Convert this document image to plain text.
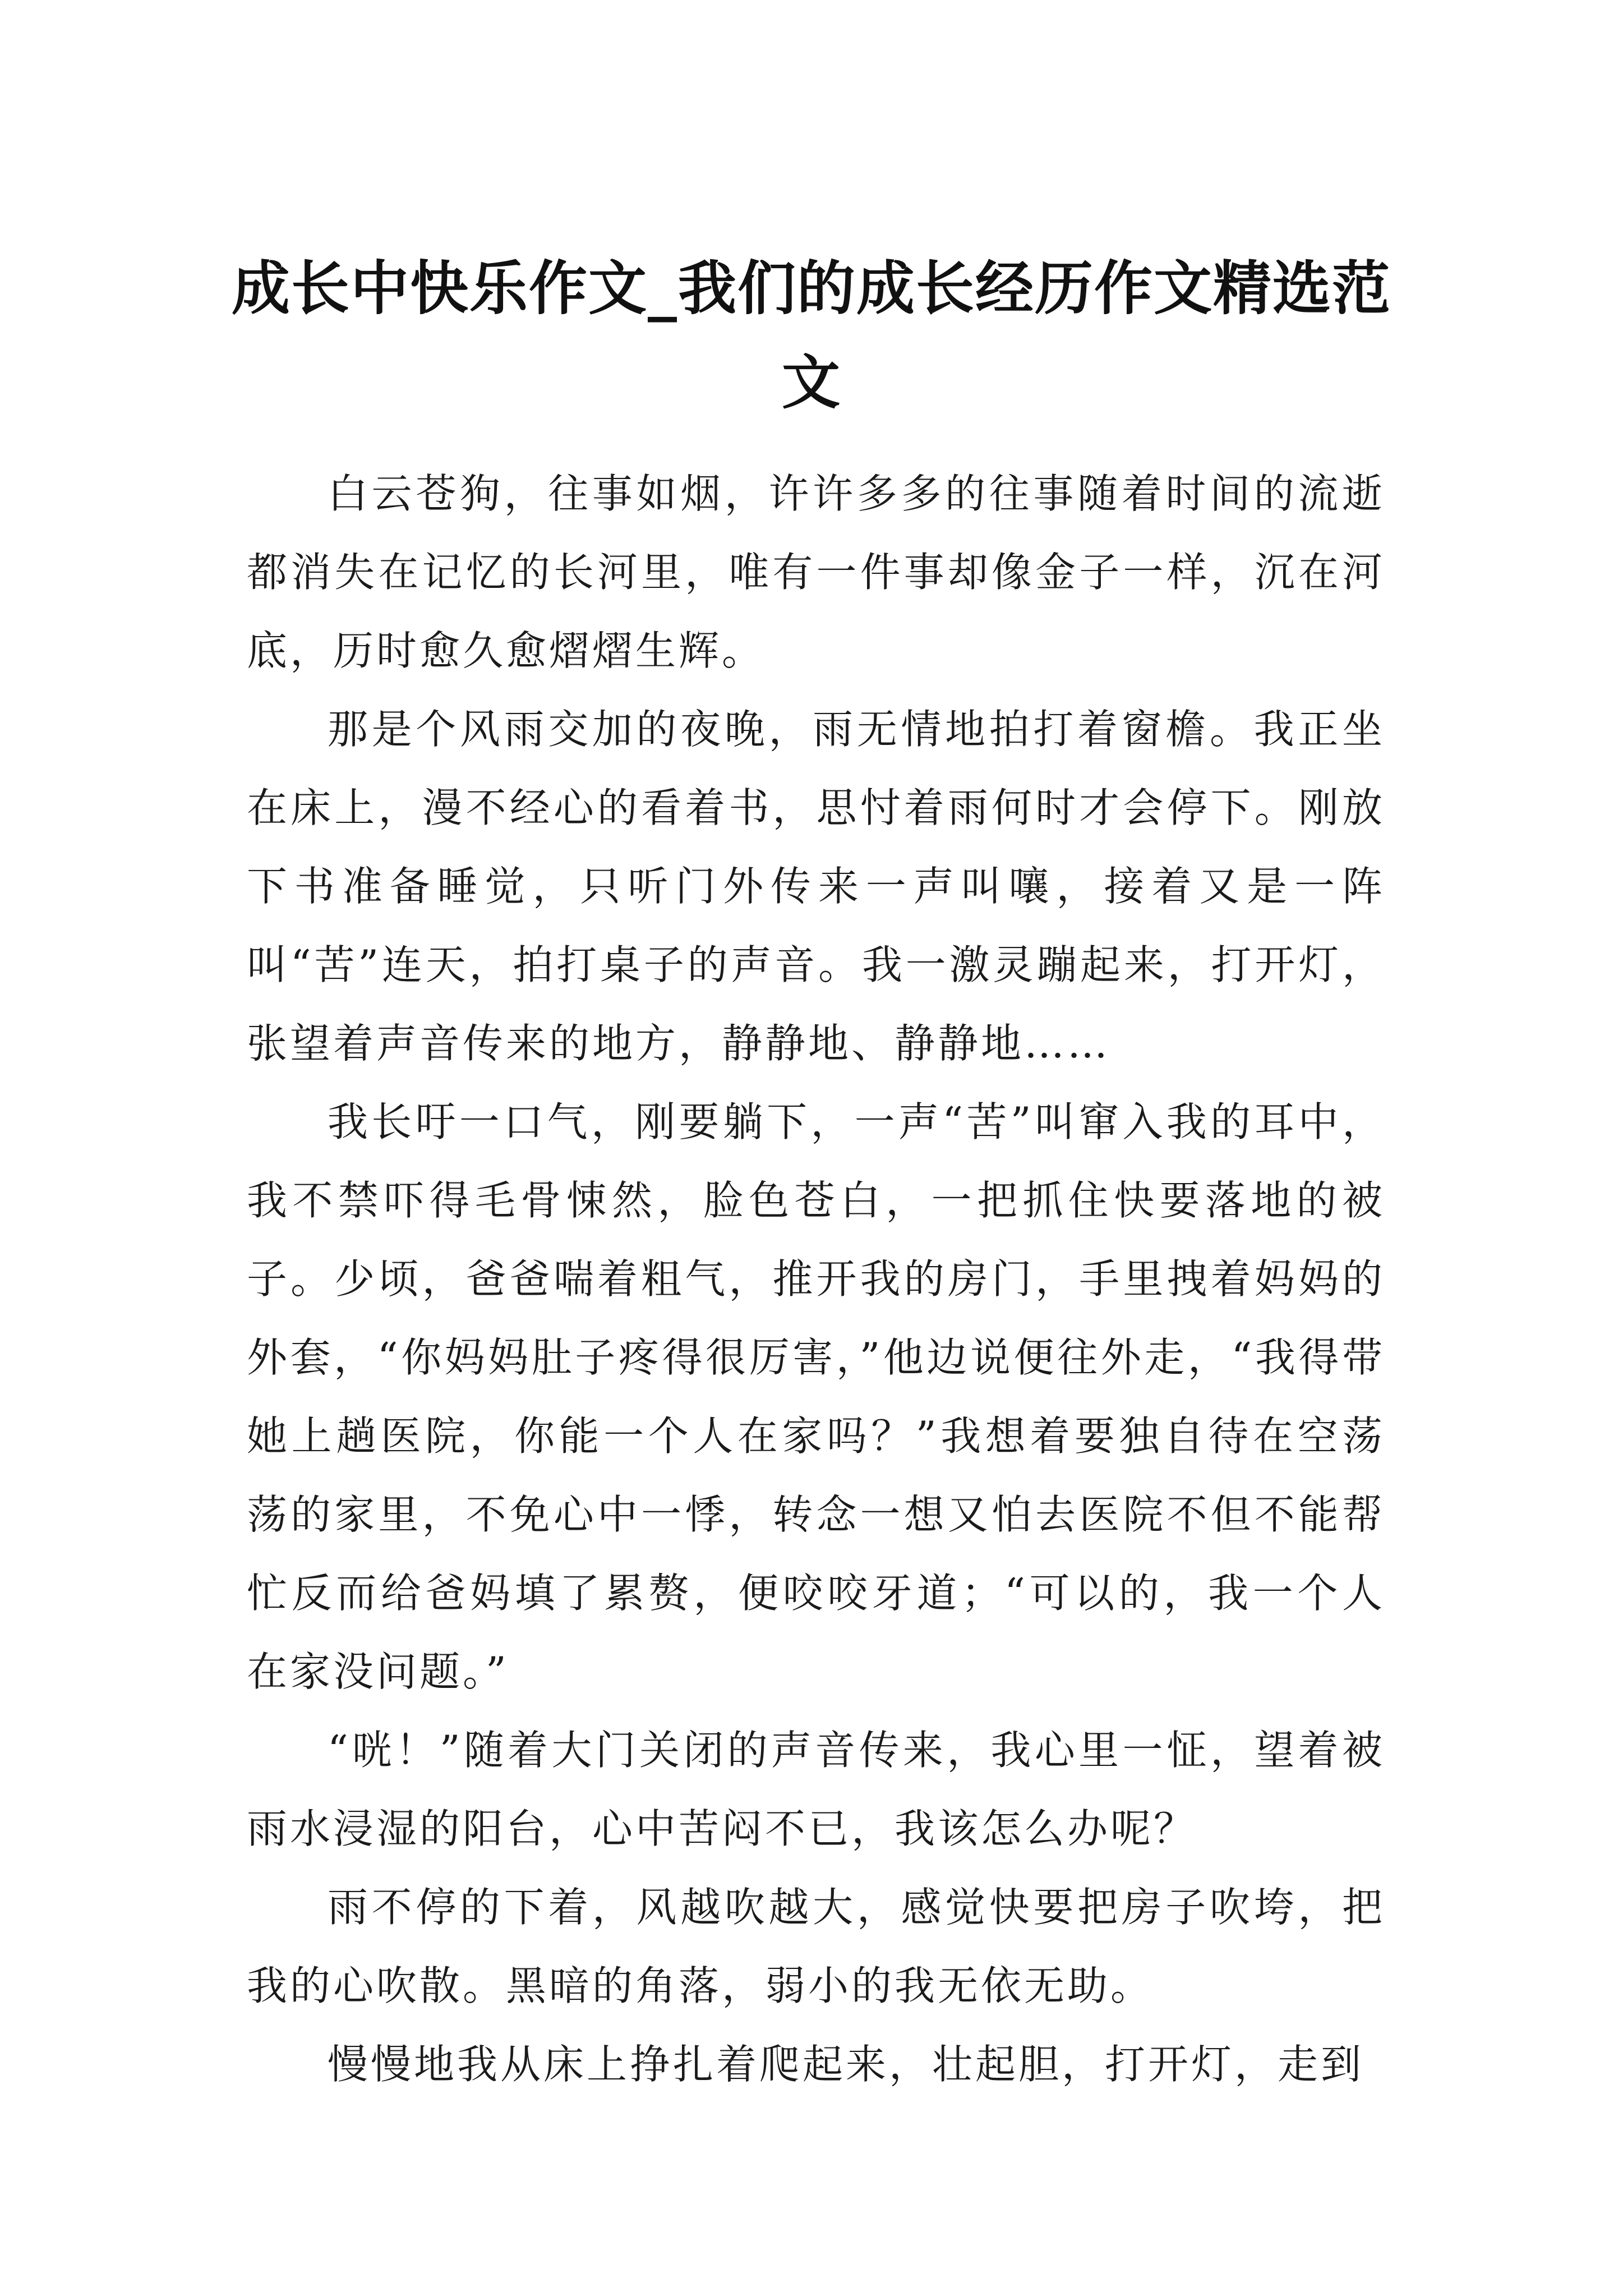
成长中快乐作文_我们的成长经历作文精选范文

白云苍狗，往事如烟，许许多多的往事随着时间的流逝都消失在记忆的长河里，唯有一件事却像金子一样，沉在河底，历时愈久愈熠熠生辉。

那是个风雨交加的夜晚，雨无情地拍打着窗檐。我正坐在床上，漫不经心的看着书，思忖着雨何时才会停下。刚放下书准备睡觉，只听门外传来一声叫嚷，接着又是一阵叫“苦”连天，拍打桌子的声音。我一激灵蹦起来，打开灯，张望着声音传来的地方，静静地、静静地……

我长吁一口气，刚要躺下，一声“苦”叫窜入我的耳中，我不禁吓得毛骨悚然，脸色苍白，一把抓住快要落地的被子。少顷，爸爸喘着粗气，推开我的房门，手里拽着妈妈的外套，“你妈妈肚子疼得很厉害，”他边说便往外走，“我得带她上趟医院，你能一个人在家吗？”我想着要独自待在空荡荡的家里，不免心中一悸，转念一想又怕去医院不但不能帮忙反而给爸妈填了累赘，便咬咬牙道；“可以的，我一个人在家没问题。”

“咣！”随着大门关闭的声音传来，我心里一怔，望着被雨水浸湿的阳台，心中苦闷不已，我该怎么办呢？

雨不停的下着，风越吹越大，感觉快要把房子吹垮，把我的心吹散。黑暗的角落，弱小的我无依无助。

慢慢地我从床上挣扎着爬起来，壮起胆，打开灯，走到
